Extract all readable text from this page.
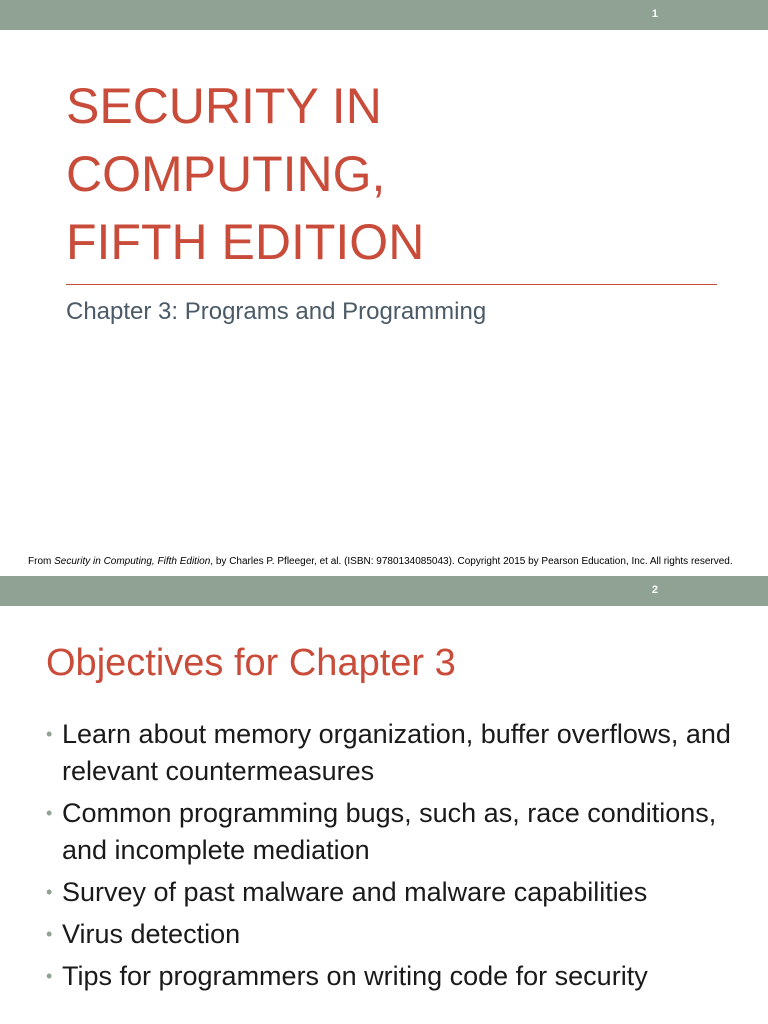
1
SECURITY IN
COMPUTING,
FIFTH EDITION
Chapter 3: Programs and Programming
From Security in Computing, Fifth Edition, by Charles P. Pfleeger, et al. (ISBN: 9780134085043). Copyright 2015 by Pearson Education, Inc. All rights reserved.
2
Objectives for Chapter 3
• Learn about memory organization, buffer overflows, and relevant countermeasures
• Common programming bugs, such as, race conditions, and incomplete mediation
• Survey of past malware and malware capabilities
• Virus detection
• Tips for programmers on writing code for security
